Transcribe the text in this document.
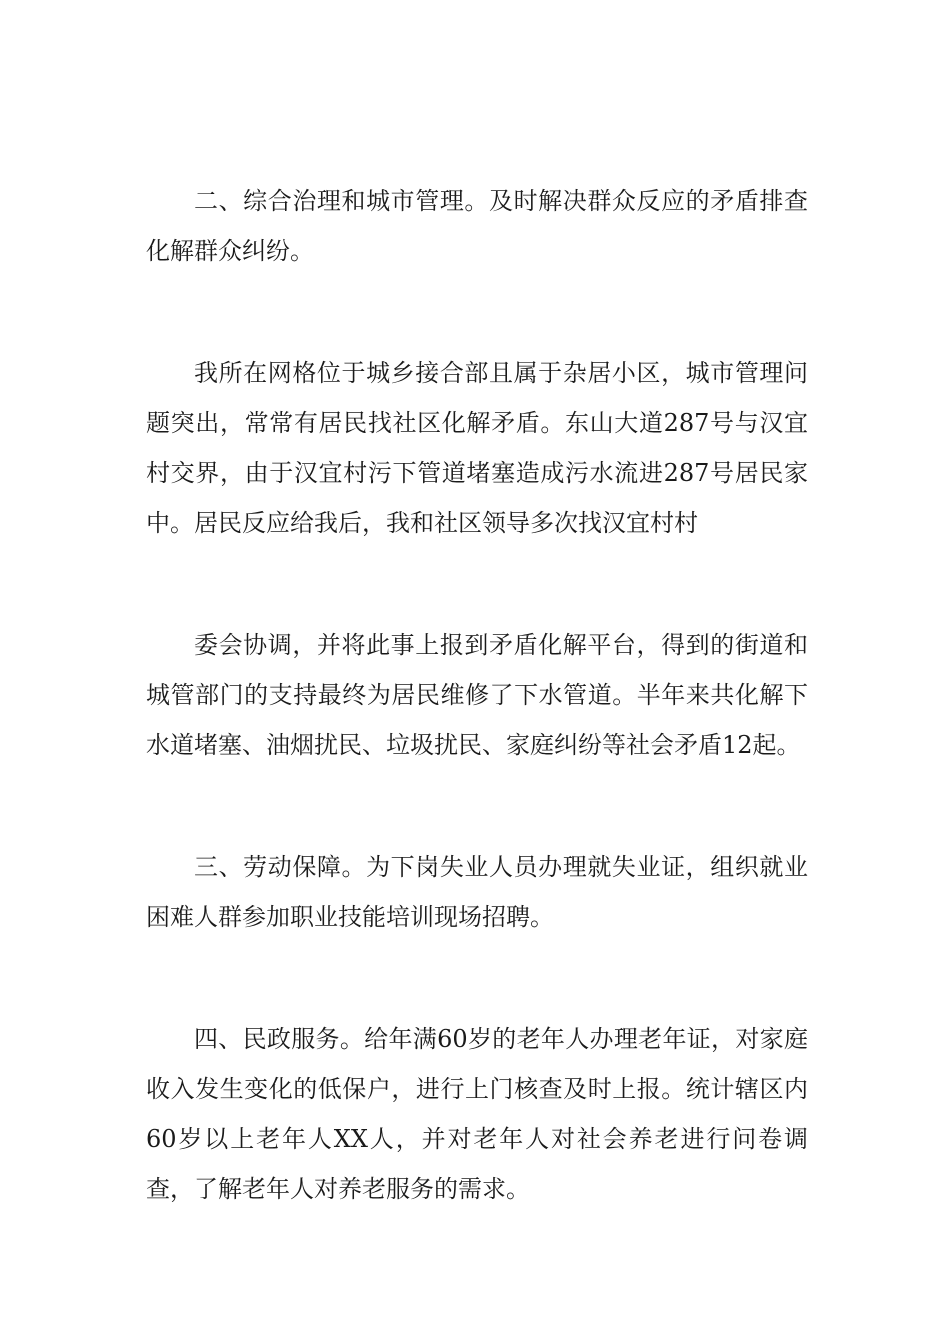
二、综合治理和城市管理。及时解决群众反应的矛盾排查化解群众纠纷。

我所在网格位于城乡接合部且属于杂居小区，城市管理问题突出，常常有居民找社区化解矛盾。东山大道287号与汉宜村交界，由于汉宜村污下管道堵塞造成污水流进287号居民家中。居民反应给我后，我和社区领导多次找汉宜村村

委会协调，并将此事上报到矛盾化解平台，得到的街道和城管部门的支持最终为居民维修了下水管道。半年来共化解下水道堵塞、油烟扰民、垃圾扰民、家庭纠纷等社会矛盾12起。

三、劳动保障。为下岗失业人员办理就失业证，组织就业困难人群参加职业技能培训现场招聘。

四、民政服务。给年满60岁的老年人办理老年证，对家庭收入发生变化的低保户，进行上门核查及时上报。统计辖区内60岁以上老年人XX人，并对老年人对社会养老进行问卷调查，了解老年人对养老服务的需求。
